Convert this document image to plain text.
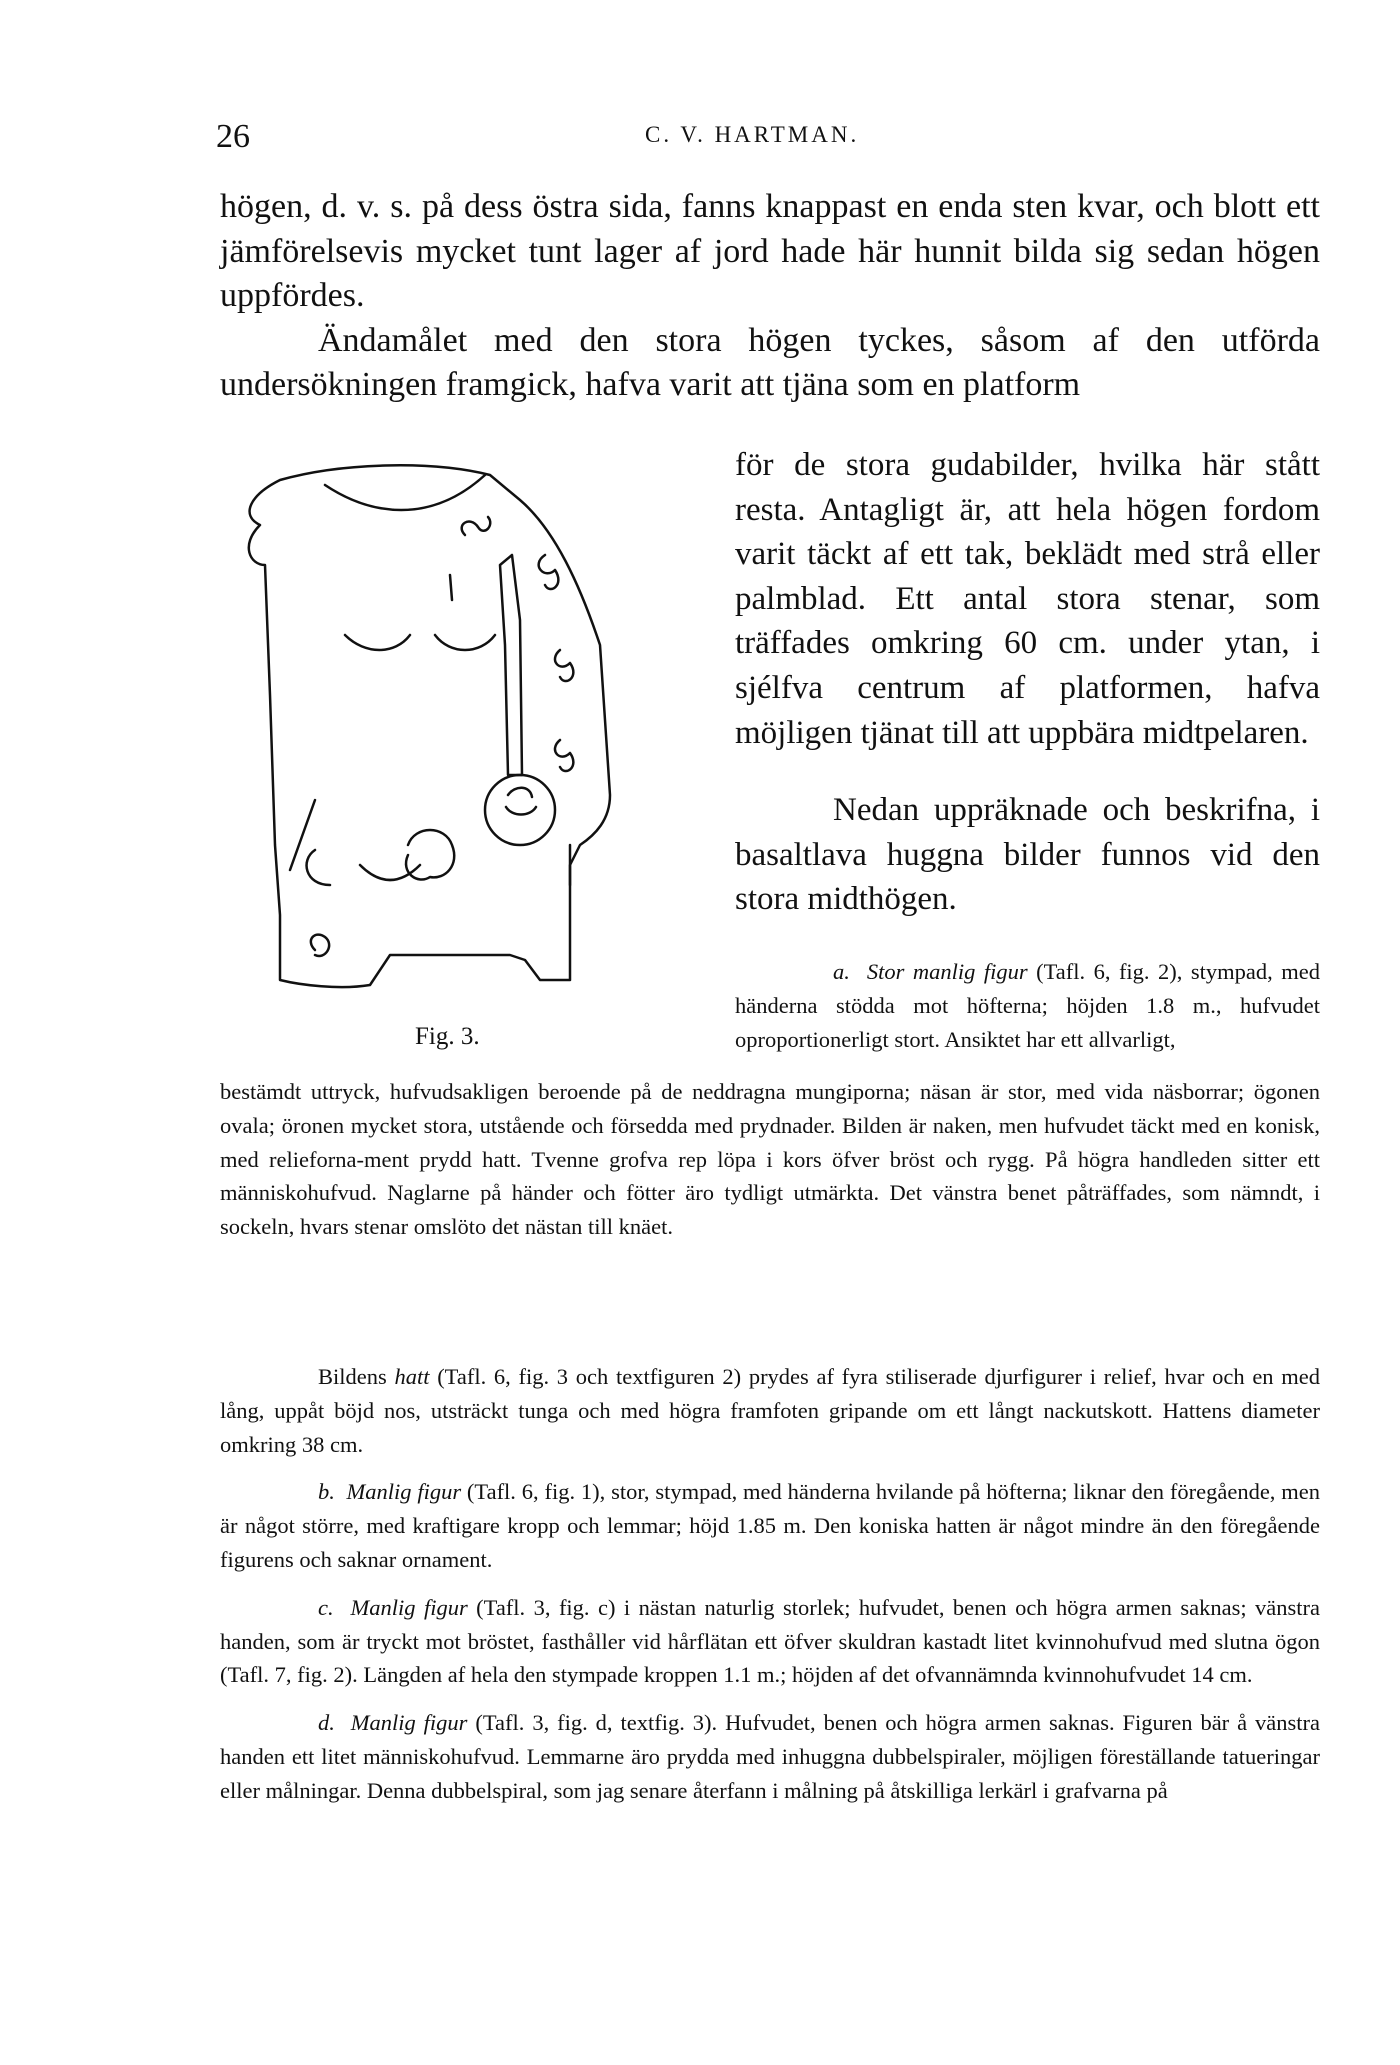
26	C. V. HARTMAN.

högen, d. v. s. på dess östra sida, fanns knappast en enda sten kvar, och blott ett jämförelsevis mycket tunt lager af jord hade här hunnit bilda sig sedan högen uppfördes.

Ändamålet med den stora högen tyckes, såsom af den utförda undersökningen framgick, hafva varit att tjäna som en platform

för de stora gudabilder, hvilka här stått resta. Antagligt är, att hela högen fordom varit täckt af ett tak, beklädt med strå eller palmblad. Ett antal stora stenar, som träffades omkring 60 cm. under ytan, i sjélfva centrum af platformen, hafva möjligen tjänat till att uppbära midtpelaren.

Nedan uppräknade och beskrifna, i basaltlava huggna bilder funnos vid den stora midthögen.

a. Stor manlig figur (Tafl. 6, fig. 2), stympad, med händerna stödda mot höfterna; höjden 1.8 m., hufvudet oproportionerligt stort. Ansiktet har ett allvarligt,

Fig. 3.

bestämdt uttryck, hufvudsakligen beroende på de neddragna mungiporna; näsan är stor, med vida näsborrar; ögonen ovala; öronen mycket stora, utstående och försedda med prydnader. Bilden är naken, men hufvudet täckt med en konisk, med relieforna-ment prydd hatt. Tvenne grofva rep löpa i kors öfver bröst och rygg. På högra handleden sitter ett människohufvud. Naglarne på händer och fötter äro tydligt utmärkta. Det vänstra benet påträffades, som nämndt, i sockeln, hvars stenar omslöto det nästan till knäet.

Bildens hatt (Tafl. 6, fig. 3 och textfiguren 2) prydes af fyra stiliserade djurfigurer i relief, hvar och en med lång, uppåt böjd nos, utsträckt tunga och med högra framfoten gripande om ett långt nackutskott. Hattens diameter omkring 38 cm.

b. Manlig figur (Tafl. 6, fig. 1), stor, stympad, med händerna hvilande på höfterna; liknar den föregående, men är något större, med kraftigare kropp och lemmar; höjd 1.85 m. Den koniska hatten är något mindre än den föregående figurens och saknar ornament.

c. Manlig figur (Tafl. 3, fig. c) i nästan naturlig storlek; hufvudet, benen och högra armen saknas; vänstra handen, som är tryckt mot bröstet, fasthåller vid hårflätan ett öfver skuldran kastadt litet kvinnohufvud med slutna ögon (Tafl. 7, fig. 2). Längden af hela den stympade kroppen 1.1 m.; höjden af det ofvannämnda kvinnohufvudet 14 cm.

d. Manlig figur (Tafl. 3, fig. d, textfig. 3). Hufvudet, benen och högra armen saknas. Figuren bär å vänstra handen ett litet människohufvud. Lemmarne äro prydda med inhuggna dubbelspiraler, möjligen föreställande tatueringar eller målningar. Denna dubbelspiral, som jag senare återfann i målning på åtskilliga lerkärl i grafvarna på
